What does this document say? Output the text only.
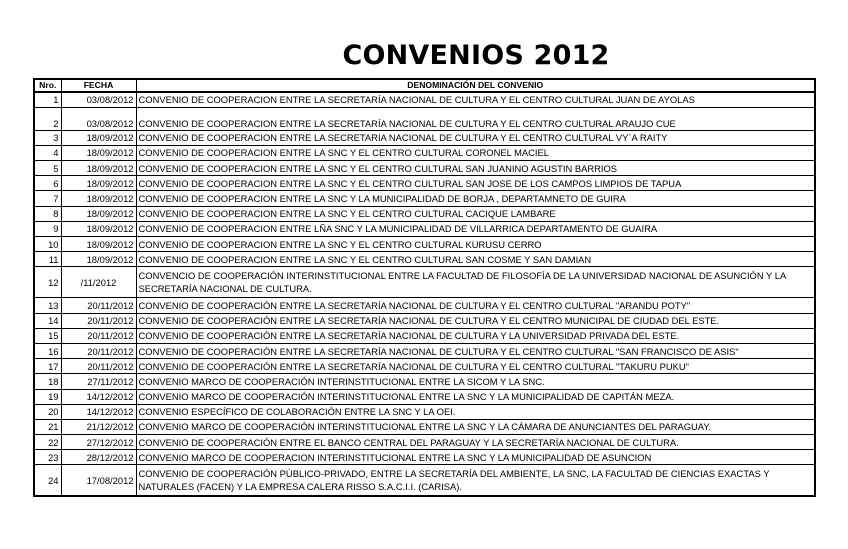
CONVENIOS 2012
Nro.	FECHA	DENOMINACIÓN DEL CONVENIO
1	03/08/2012	CONVENIO DE COOPERACION ENTRE LA SECRETARÍA NACIONAL DE CULTURA Y EL CENTRO CULTURAL JUAN DE AYOLAS
2	03/08/2012	CONVENIO DE COOPERACION ENTRE LA SECRETARÍA NACIONAL DE CULTURA Y EL CENTRO CULTURAL ARAUJO CUE
3	18/09/2012	CONVENIO DE COOPERACION ENTRE LA SECRETARIA NACIONAL DE CULTURA Y EL CENTRO CULTURAL VY´A RAITY
4	18/09/2012	CONVENIO DE COOPERACION ENTRE LA SNC Y EL CENTRO CULTURAL CORONEL MACIEL
5	18/09/2012	CONVENIO DE COOPERACION ENTRE LA SNC Y EL CENTRO CULTURAL SAN JUANINO AGUSTIN BARRIOS
6	18/09/2012	CONVENIO DE COOPERACION ENTRE LA SNC Y EL CENTRO CULTURAL SAN JOSE DE LOS CAMPOS LIMPIOS DE TAPUA
7	18/09/2012	CONVENIO DE COOPERACION ENTRE LA SNC Y LA MUNICIPALIDAD DE BORJA , DEPARTAMNETO DE GUIRA
8	18/09/2012	CONVENIO DE COOPERACION ENTRE LA SNC Y EL CENTRO CULTURAL CACIQUE LAMBARE
9	18/09/2012	CONVENIO DE COOPERACION ENTRE LÑA SNC Y LA MUNICIPALIDAD DE VILLARRICA DEPARTAMENTO DE GUAIRA
10	18/09/2012	CONVENIO DE COOPERACION ENTRE LA SNC Y EL CENTRO CULTURAL KURUSU CERRO
11	18/09/2012	CONVENIO DE COOPERACION ENTRE LA SNC Y EL CENTRO CULTURAL SAN COSME Y SAN DAMIAN
12	/11/2012	CONVENCIO DE COOPERACIÓN INTERINSTITUCIONAL ENTRE LA FACULTAD DE FILOSOFÍA DE LA UNIVERSIDAD NACIONAL DE ASUNCIÓN Y LA SECRETARÍA NACIONAL DE CULTURA.
13	20/11/2012	CONVENIO DE COOPERACIÓN ENTRE LA SECRETARÍA NACIONAL DE CULTURA Y EL CENTRO CULTURAL "ARANDU POTY"
14	20/11/2012	CONVENIO DE COOPERACIÓN ENTRE LA SECRETARÍA NACIONAL DE CULTURA Y EL CENTRO MUNICIPAL DE CIUDAD DEL ESTE.
15	20/11/2012	CONVENIO DE COOPERACIÓN ENTRE LA SECRETARÍA NACIONAL DE CULTURA Y LA UNIVERSIDAD PRIVADA DEL ESTE.
16	20/11/2012	CONVENIO DE COOPERACIÓN ENTRE LA SECRETARÍA NACIONAL DE CULTURA Y EL CENTRO CULTURAL "SAN FRANCISCO DE ASIS"
17	20/11/2012	CONVENIO DE COOPERACIÓN ENTRE LA SECRETARÍA NACIONAL DE CULTURA Y EL CENTRO CULTURAL "TAKURU PUKU"
18	27/11/2012	CONVENIO MARCO DE COOPERACIÓN INTERINSTITUCIONAL ENTRE LA SICOM Y LA SNC.
19	14/12/2012	CONVENIO MARCO DE COOPERACIÓN INTERINSTITUCIONAL ENTRE LA SNC Y LA MUNICIPALIDAD DE CAPITÁN MEZA.
20	14/12/2012	CONVENIO ESPECÍFICO DE COLABORACIÓN ENTRE LA SNC Y LA OEI.
21	21/12/2012	CONVENIO MARCO DE COOPERACIÓN INTERINSTITUCIONAL ENTRE LA SNC Y LA CÁMARA DE ANUNCIANTES DEL PARAGUAY.
22	27/12/2012	CONVENIO DE COOPERACIÓN ENTRE EL BANCO CENTRAL DEL PARAGUAY Y LA SECRETARÍA NACIONAL DE CULTURA.
23	28/12/2012	CONVENIO MARCO DE COOPERACION INTERINSTITUCIONAL ENTRE LA SNC Y LA MUNICIPALIDAD DE ASUNCION
24	17/08/2012	CONVENIO DE COOPERACIÓN PÚBLICO-PRIVADO, ENTRE LA SECRETARÍA DEL AMBIENTE, LA SNC, LA FACULTAD DE CIENCIAS EXACTAS Y NATURALES (FACEN) Y LA EMPRESA CALERA RISSO S.A.C.I.I. (CARISA).
